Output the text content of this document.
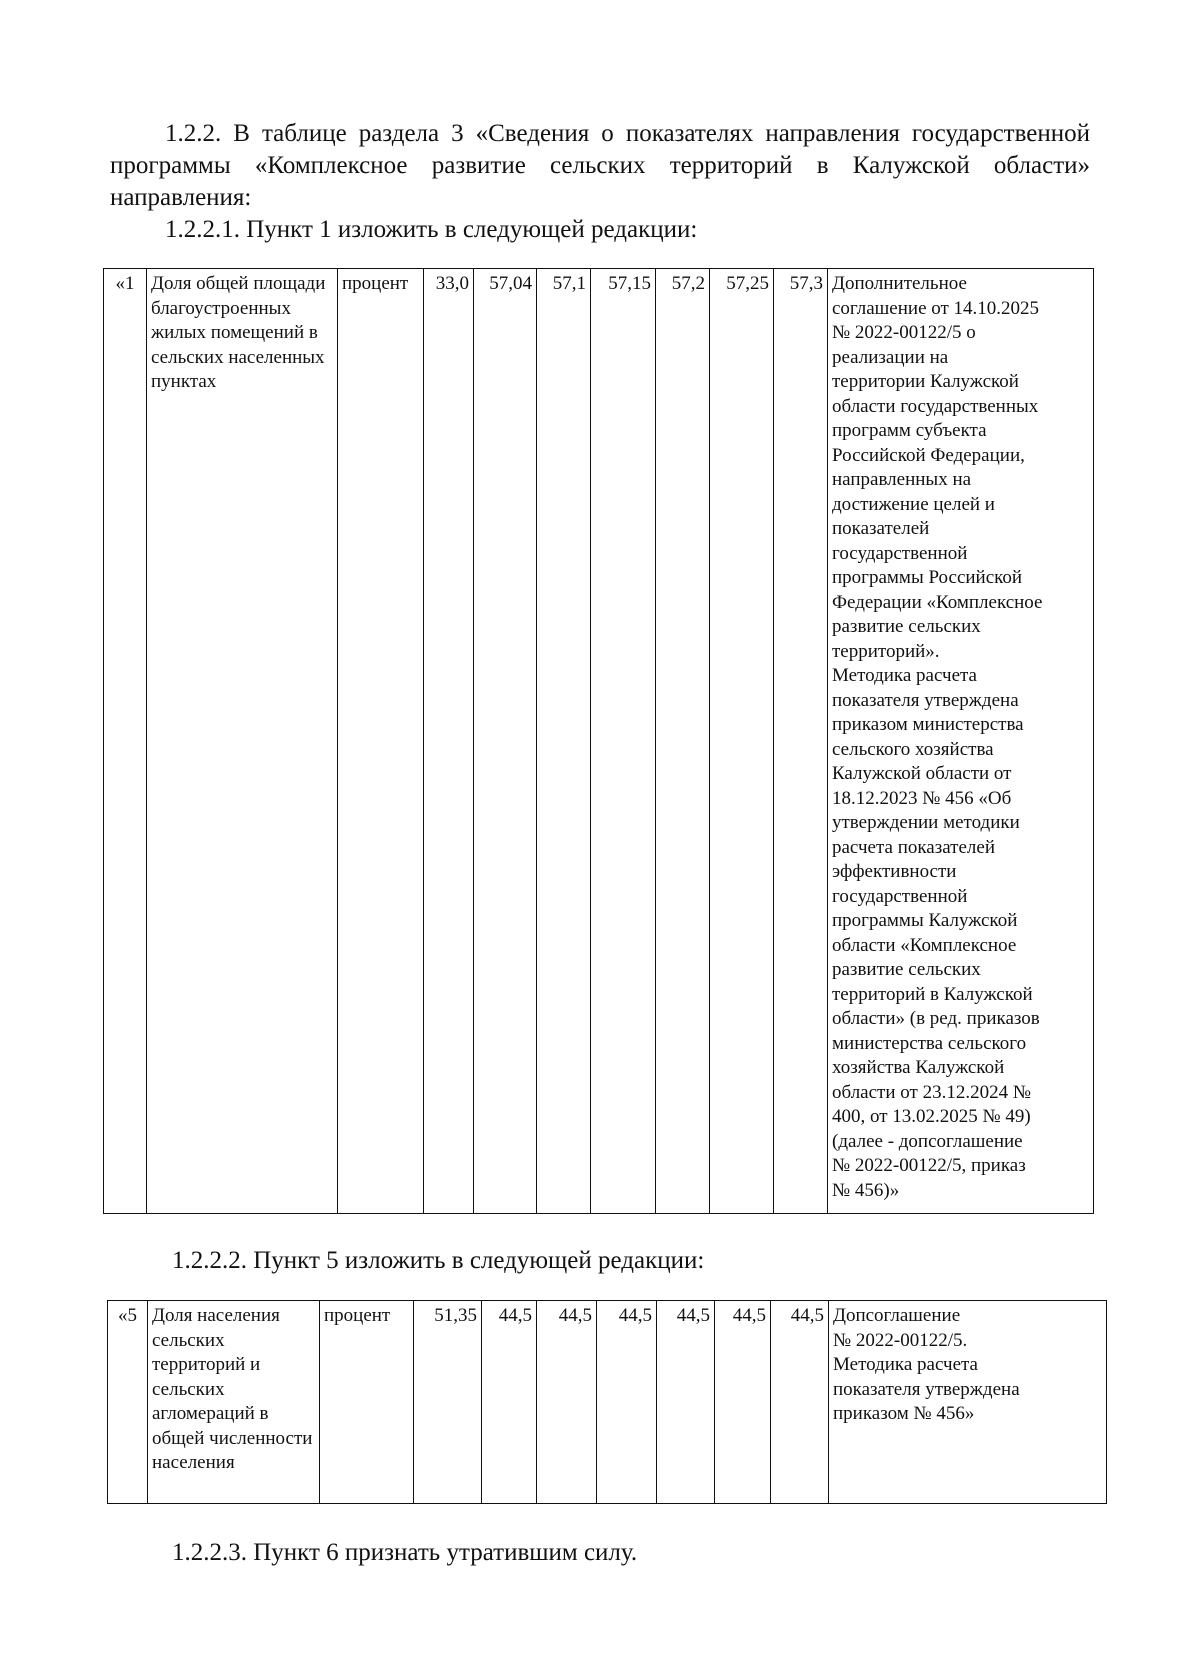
1.2.2. В таблице раздела 3 «Сведения о показателях направления государственной

программы «Комплексное развитие сельских территорий в Калужской области»

направления:

1.2.2.1. Пункт 1 изложить в следующей редакции:

«1	Доля общей площади благоустроенных жилых помещений в сельских населенных пунктах	процент	33,0	57,04	57,1	57,15	57,2	57,25	57,3	Дополнительное
соглашение от 14.10.2025
№ 2022-00122/5 о
реализации на
территории Калужской
области государственных
программ субъекта
Российской Федерации,
направленных на
достижение целей и
показателей
государственной
программы Российской
Федерации «Комплексное
развитие сельских
территорий».
Методика расчета
показателя утверждена
приказом министерства
сельского хозяйства
Калужской области от
18.12.2023 № 456 «Об
утверждении методики
расчета показателей
эффективности
государственной
программы Калужской
области «Комплексное
развитие сельских
территорий в Калужской
области» (в ред. приказов
министерства сельского
хозяйства Калужской
области от 23.12.2024 №
400, от 13.02.2025 № 49)
(далее - допсоглашение
№ 2022-00122/5, приказ
№ 456)»

1.2.2.2. Пункт 5 изложить в следующей редакции:

«5	Доля населения сельских территорий и сельских агломераций в общей численности населения	процент	51,35	44,5	44,5	44,5	44,5	44,5	44,5	Допсоглашение
№ 2022-00122/5.
Методика расчета
показателя утверждена
приказом № 456»

1.2.2.3. Пункт 6 признать утратившим силу.
